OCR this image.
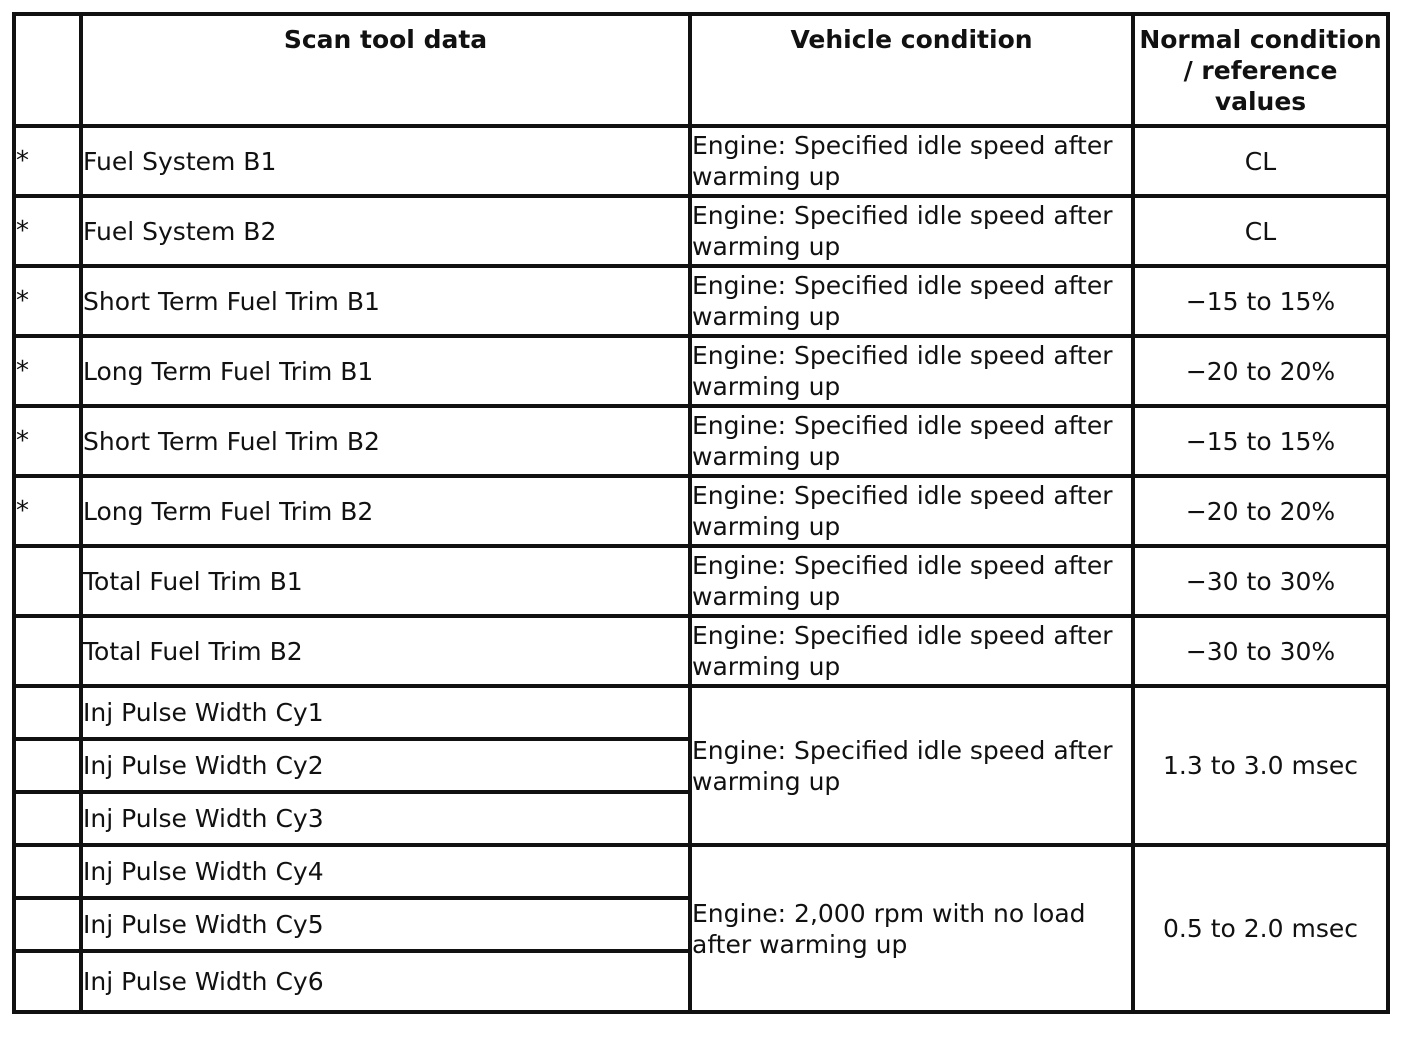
	Scan tool data	Vehicle condition	Normal condition / reference values
*	Fuel System B1	Engine: Specified idle speed after warming up	CL
*	Fuel System B2	Engine: Specified idle speed after warming up	CL
*	Short Term Fuel Trim B1	Engine: Specified idle speed after warming up	−15 to 15%
*	Long Term Fuel Trim B1	Engine: Specified idle speed after warming up	−20 to 20%
*	Short Term Fuel Trim B2	Engine: Specified idle speed after warming up	−15 to 15%
*	Long Term Fuel Trim B2	Engine: Specified idle speed after warming up	−20 to 20%
	Total Fuel Trim B1	Engine: Specified idle speed after warming up	−30 to 30%
	Total Fuel Trim B2	Engine: Specified idle speed after warming up	−30 to 30%
	Inj Pulse Width Cy1	Engine: Specified idle speed after warming up	1.3 to 3.0 msec
	Inj Pulse Width Cy2		
	Inj Pulse Width Cy3		
	Inj Pulse Width Cy4	Engine: 2,000 rpm with no load after warming up	0.5 to 2.0 msec
	Inj Pulse Width Cy5		
	Inj Pulse Width Cy6		
